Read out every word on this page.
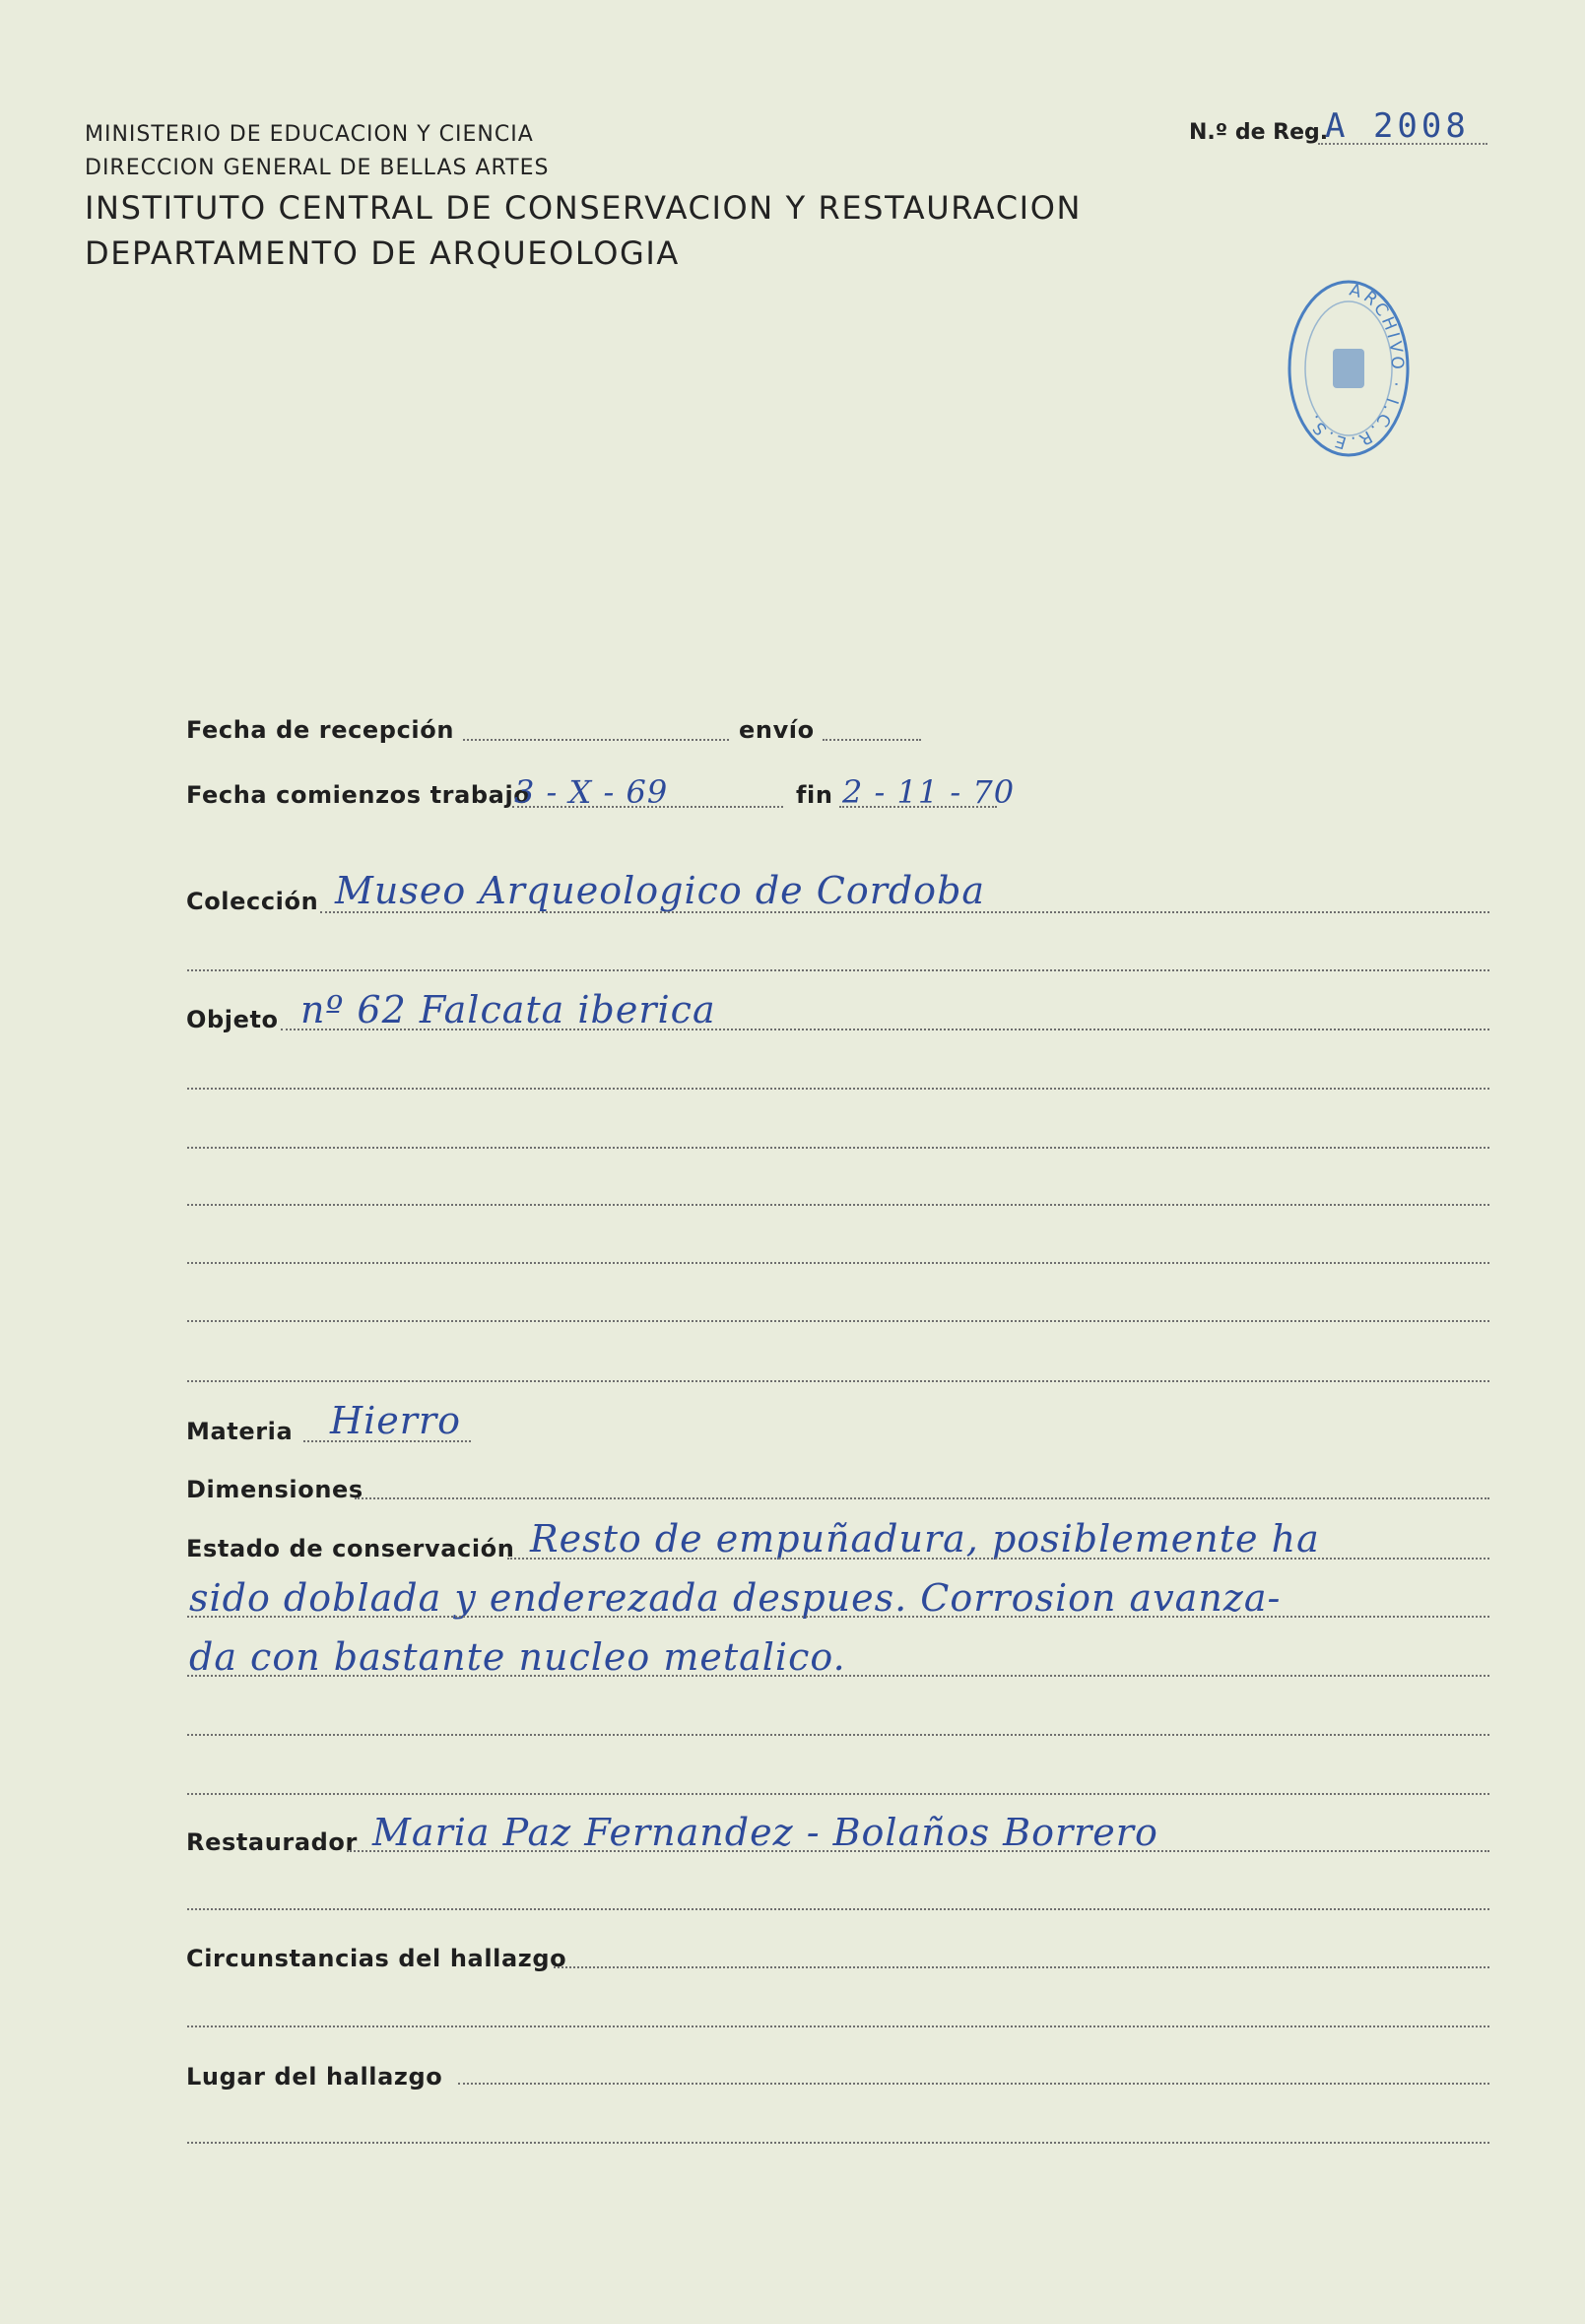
MINISTERIO DE EDUCACION Y CIENCIA
DIRECCION GENERAL DE BELLAS ARTES
INSTITUTO CENTRAL DE CONSERVACION Y RESTAURACION
DEPARTAMENTO DE ARQUEOLOGIA
N.º de Reg.
A 2008
ARCHIVO · I.C.R.E.S.
Fecha de recepción	envío
Fecha comienzos trabajo
3 - X - 69	fin 2 - 11 - 70
Colección Museo Arqueologico de Cordoba
Objeto nº 62 Falcata iberica
Materia Hierro
Dimensiones
Estado de conservación Resto de empuñadura, posiblemente ha
sido doblada y enderezada despues. Corrosion avanza-
da con bastante nucleo metalico.
Restaurador Maria Paz Fernandez - Bolaños Borrero
Circunstancias del hallazgo
Lugar del hallazgo
